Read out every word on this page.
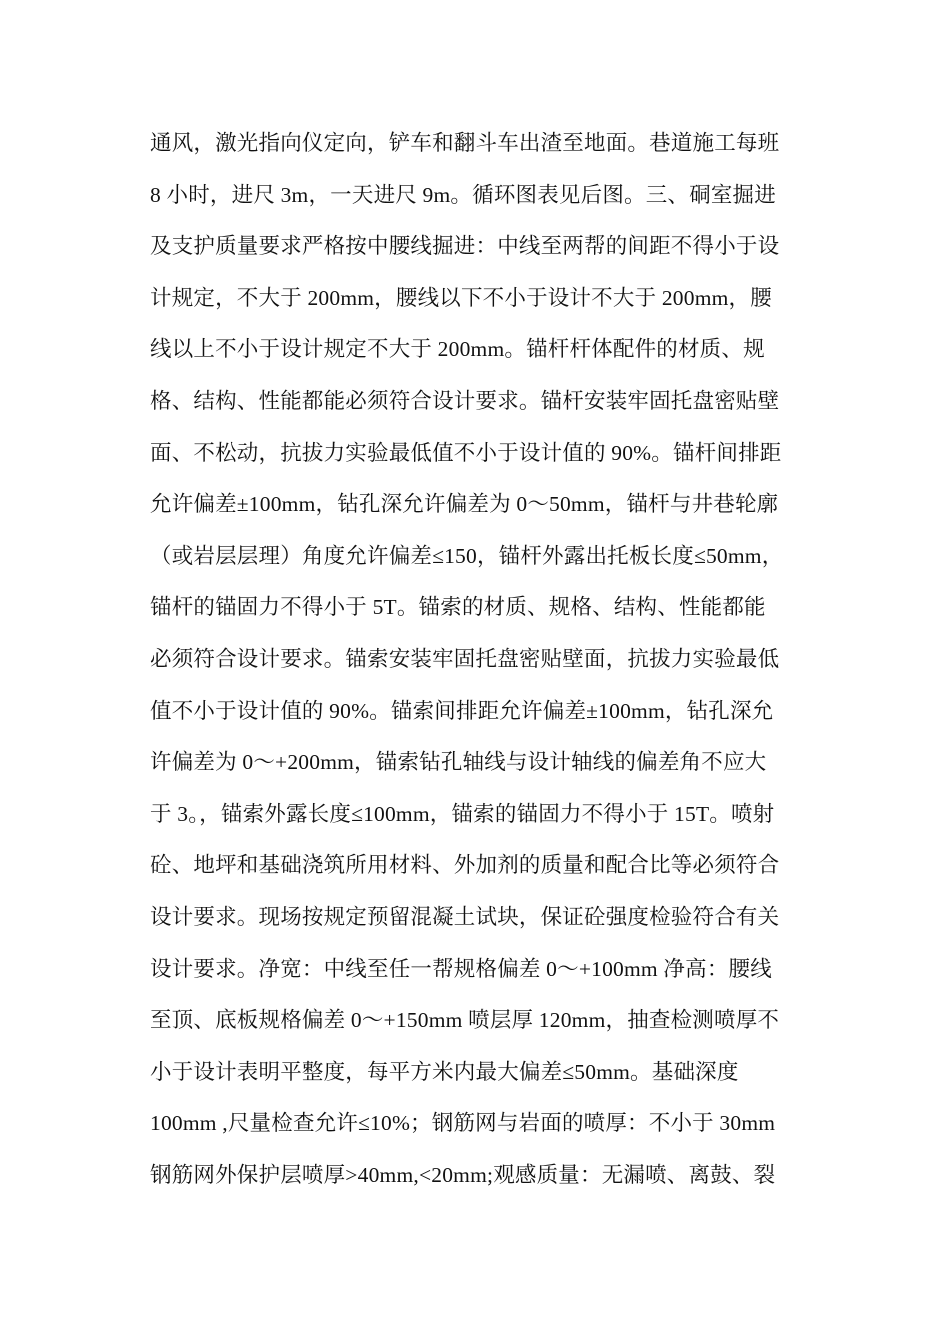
通风，激光指向仪定向，铲车和翻斗车出渣至地面。巷道施工每班
8 小时，进尺 3m，一天进尺 9m。循环图表见后图。三、硐室掘进
及支护质量要求严格按中腰线掘进：中线至两帮的间距不得小于设
计规定，不大于 200mm，腰线以下不小于设计不大于 200mm，腰
线以上不小于设计规定不大于 200mm。锚杆杆体配件的材质、规
格、结构、性能都能必须符合设计要求。锚杆安装牢固托盘密贴壁
面、不松动，抗拔力实验最低值不小于设计值的 90%。锚杆间排距
允许偏差±100mm，钻孔深允许偏差为 0～50mm，锚杆与井巷轮廓
（或岩层层理）角度允许偏差≤150，锚杆外露出托板长度≤50mm，
锚杆的锚固力不得小于 5T。锚索的材质、规格、结构、性能都能
必须符合设计要求。锚索安装牢固托盘密贴壁面，抗拔力实验最低
值不小于设计值的 90%。锚索间排距允许偏差±100mm，钻孔深允
许偏差为 0～+200mm，锚索钻孔轴线与设计轴线的偏差角不应大
于 3。，锚索外露长度≤100mm，锚索的锚固力不得小于 15T。喷射
砼、地坪和基础浇筑所用材料、外加剂的质量和配合比等必须符合
设计要求。现场按规定预留混凝土试块，保证砼强度检验符合有关
设计要求。净宽：中线至任一帮规格偏差 0～+100mm 净高：腰线
至顶、底板规格偏差 0～+150mm 喷层厚 120mm，抽查检测喷厚不
小于设计表明平整度，每平方米内最大偏差≤50mm。基础深度
100mm ,尺量检查允许≤10%；钢筋网与岩面的喷厚：不小于 30mm
钢筋网外保护层喷厚>40mm,<20mm;观感质量：无漏喷、离鼓、裂
